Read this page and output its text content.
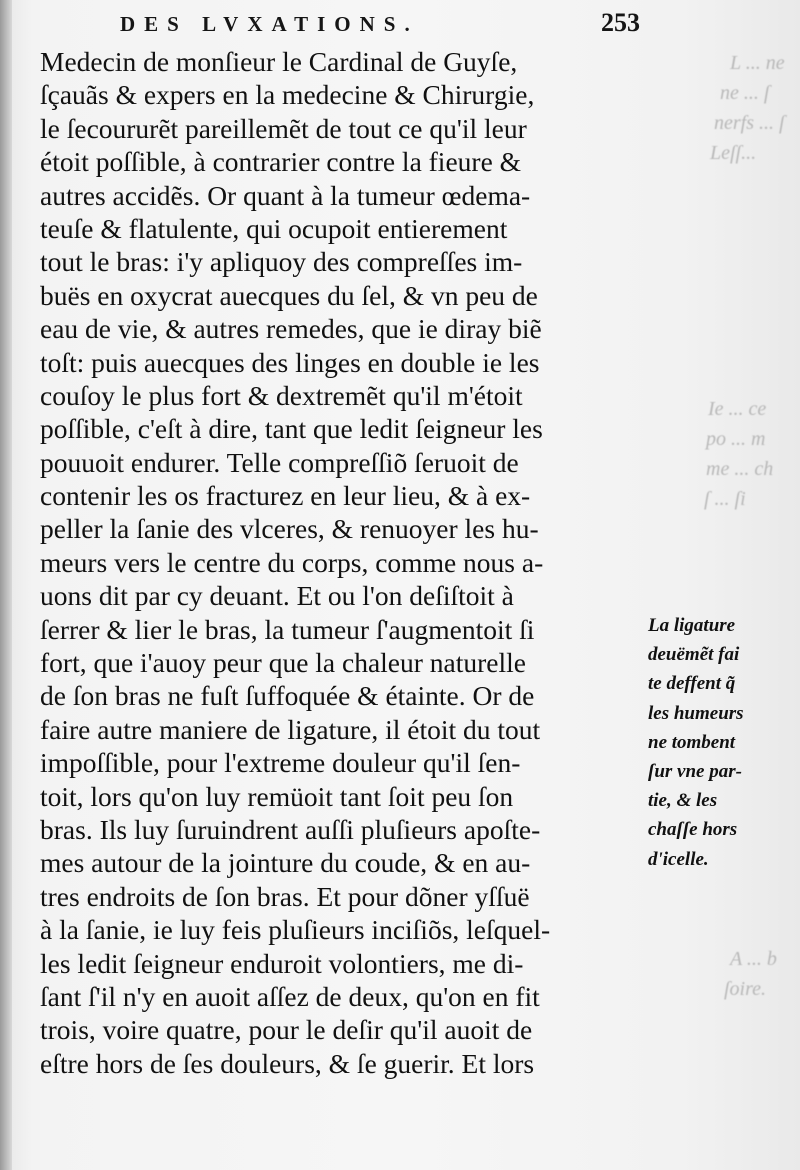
L ... ne
ne ... ſ
nerfs ... ſ
Leſſ...
Ie ... ce
po ... m
me ... ch
ſ ... ſi
A ... b
ſoire.
DES LVXATIONS.	253
Medecin de monſieur le Cardinal de Guyſe,
ſçauãs & expers en la medecine & Chirurgie,
le ſecoururẽt pareillemẽt de tout ce qu'il leur
étoit poſſible, à contrarier contre la fieure &
autres accidẽs. Or quant à la tumeur œdema-
teuſe & flatulente, qui ocupoit entierement
tout le bras: i'y apliquoy des compreſſes im-
buës en oxycrat auecques du ſel, & vn peu de
eau de vie, & autres remedes, que ie diray biẽ
toſt: puis auecques des linges en double ie les
couſoy le plus fort & dextremẽt qu'il m'étoit
poſſible, c'eſt à dire, tant que ledit ſeigneur les
pouuoit endurer. Telle compreſſiõ ſeruoit de
contenir les os fracturez en leur lieu, & à ex-
peller la ſanie des vlceres, & renuoyer les hu-
meurs vers le centre du corps, comme nous a-
uons dit par cy deuant. Et ou l'on deſiſtoit à
ſerrer & lier le bras, la tumeur ſ'augmentoit ſi
fort, que i'auoy peur que la chaleur naturelle
de ſon bras ne fuſt ſuffoquée & étainte. Or de
faire autre maniere de ligature, il étoit du tout
impoſſible, pour l'extreme douleur qu'il ſen-
toit, lors qu'on luy remüoit tant ſoit peu ſon
bras. Ils luy ſuruindrent auſſi pluſieurs apoſte-
mes autour de la jointure du coude, & en au-
tres endroits de ſon bras. Et pour dõner yſſuë
à la ſanie, ie luy feis pluſieurs inciſiõs, leſquel-
les ledit ſeigneur enduroit volontiers, me di-
ſant ſ'il n'y en auoit aſſez de deux, qu'on en fit
trois, voire quatre, pour le deſir qu'il auoit de
eſtre hors de ſes douleurs, & ſe guerir. Et lors
La ligature
deuëmẽt fai
te deffent q̃
les humeurs
ne tombent
ſur vne par-
tie, & les
chaſſe hors
d'icelle.
